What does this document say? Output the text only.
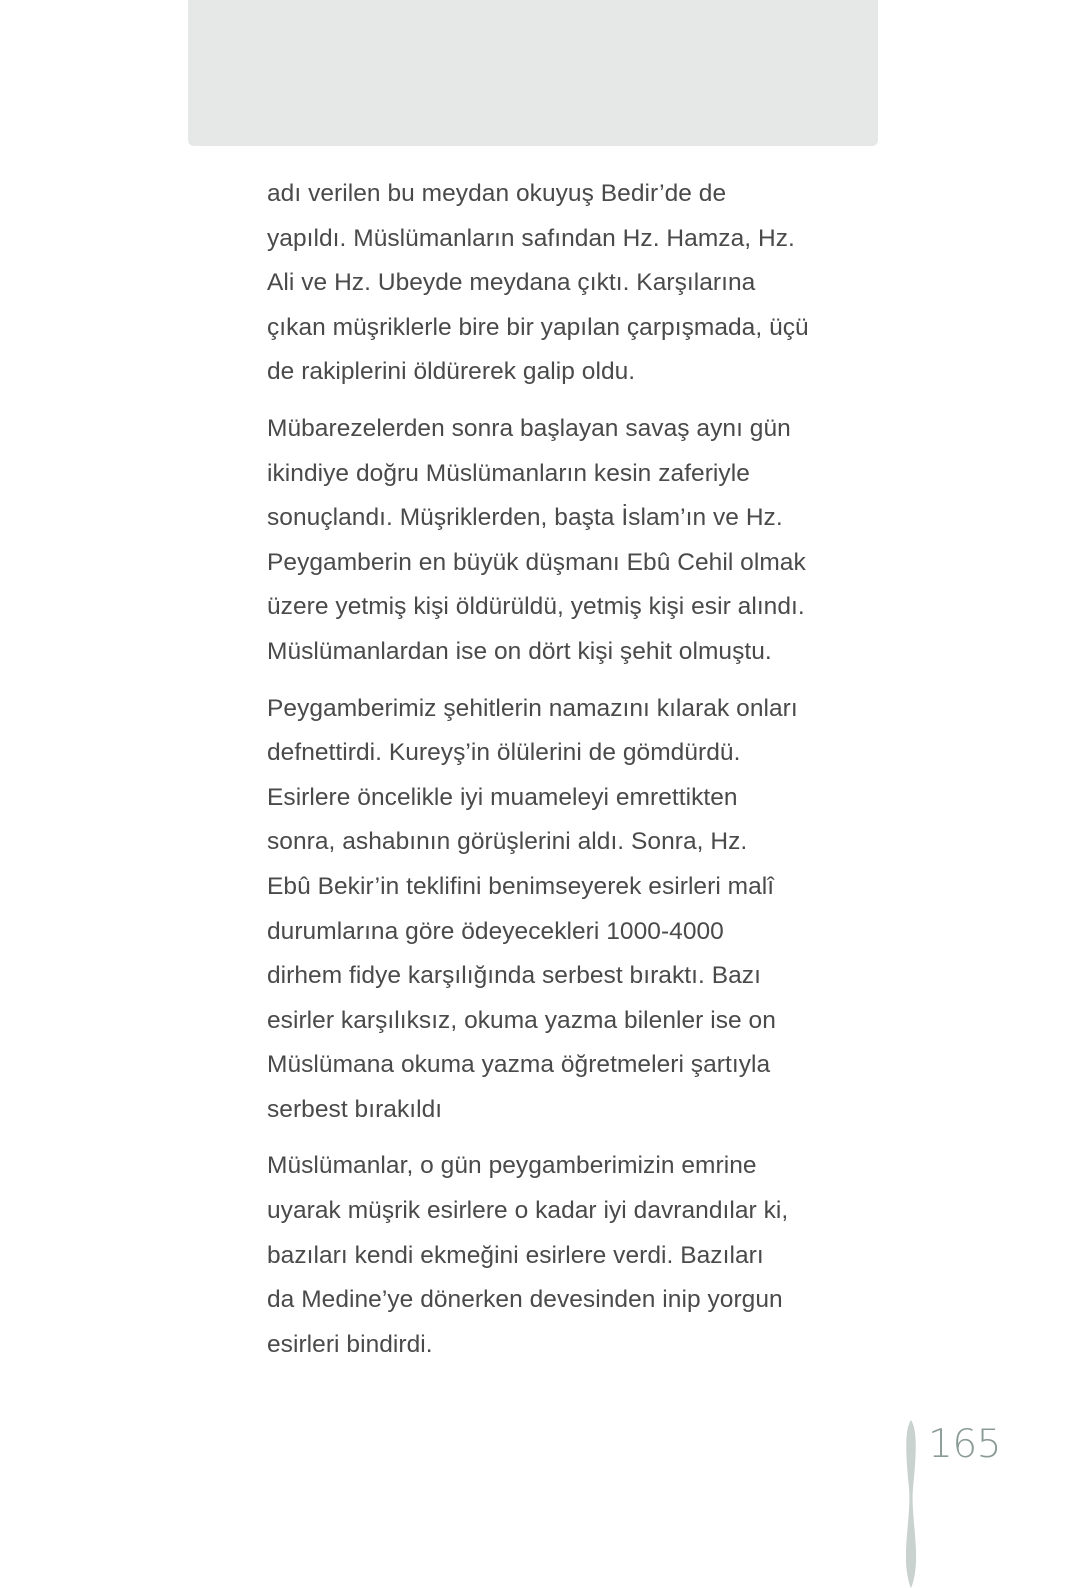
adı verilen bu meydan okuyuş Bedir’de de
yapıldı. Müslümanların safından Hz. Hamza, Hz.
Ali ve Hz. Ubeyde meydana çıktı. Karşılarına
çıkan müşriklerle bire bir yapılan çarpışmada, üçü
de rakiplerini öldürerek galip oldu.
Mübarezelerden sonra başlayan savaş aynı gün
ikindiye doğru Müslümanların kesin zaferiyle
sonuçlandı. Müşriklerden, başta İslam’ın ve Hz.
Peygamberin en büyük düşmanı Ebû Cehil olmak
üzere yetmiş kişi öldürüldü, yetmiş kişi esir alındı.
Müslümanlardan ise on dört kişi şehit olmuştu.
Peygamberimiz şehitlerin namazını kılarak onları
defnettirdi. Kureyş’in ölülerini de gömdürdü.
Esirlere öncelikle iyi muameleyi emrettikten
sonra, ashabının görüşlerini aldı. Sonra, Hz.
Ebû Bekir’in teklifini benimseyerek esirleri malî
durumlarına göre ödeyecekleri 1000-4000
dirhem fidye karşılığında serbest bıraktı. Bazı
esirler karşılıksız, okuma yazma bilenler ise on
Müslümana okuma yazma öğretmeleri şartıyla
serbest bırakıldı
Müslümanlar, o gün peygamberimizin emrine
uyarak müşrik esirlere o kadar iyi davrandılar ki,
bazıları kendi ekmeğini esirlere verdi. Bazıları
da Medine’ye dönerken devesinden inip yorgun
esirleri bindirdi.
165
